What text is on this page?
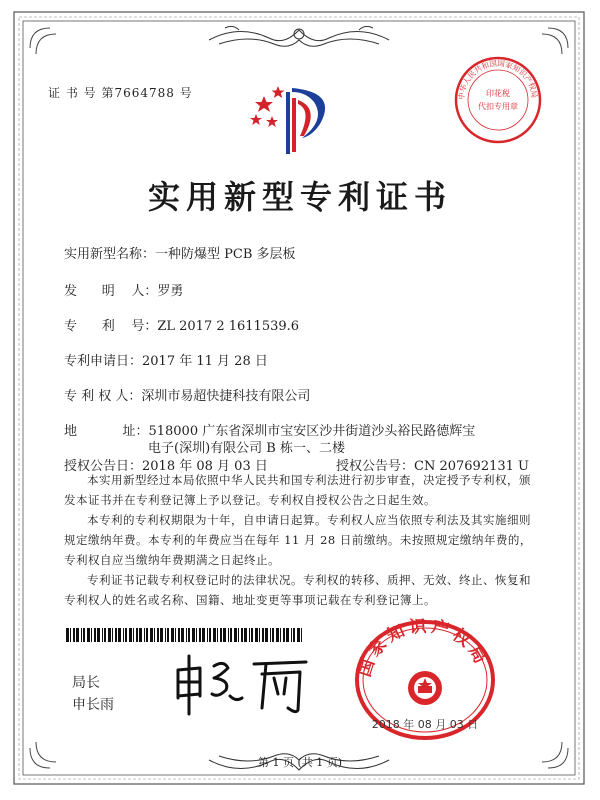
证 书 号 第7664788 号	中华人民共和国国家知识产权局
印花税
代扣专用章
实用新型专利证书
实用新型名称：一种防爆型 PCB 多层板
发      明    人：罗勇
专      利    号：ZL 2017 2 1611539.6
专利申请日：2017 年 11 月 28 日
专 利 权 人：深圳市易超快捷科技有限公司
地           址：518000 广东省深圳市宝安区沙井街道沙头裕民路德辉宝
电子(深圳)有限公司 B 栋一、二楼
授权公告日：2018 年 08 月 03 日	授权公告号：CN 207692131 U

本实用新型经过本局依照中华人民共和国专利法进行初步审查，决定授予专利权，颁发本证书并在专利登记簿上予以登记。专利权自授权公告之日起生效。

本专利的专利权期限为十年，自申请日起算。专利权人应当依照专利法及其实施细则规定缴纳年费。本专利的年费应当在每年 11 月 28 日前缴纳。未按照规定缴纳年费的，专利权自应当缴纳年费期满之日起终止。

专利证书记载专利权登记时的法律状况。专利权的转移、质押、无效、终止、恢复和专利权人的姓名或名称、国籍、地址变更等事项记载在专利登记簿上。

局长
申长雨
国家知识产权局
2018 年 08 月 03 日
第 1 页 (共 1 页)
